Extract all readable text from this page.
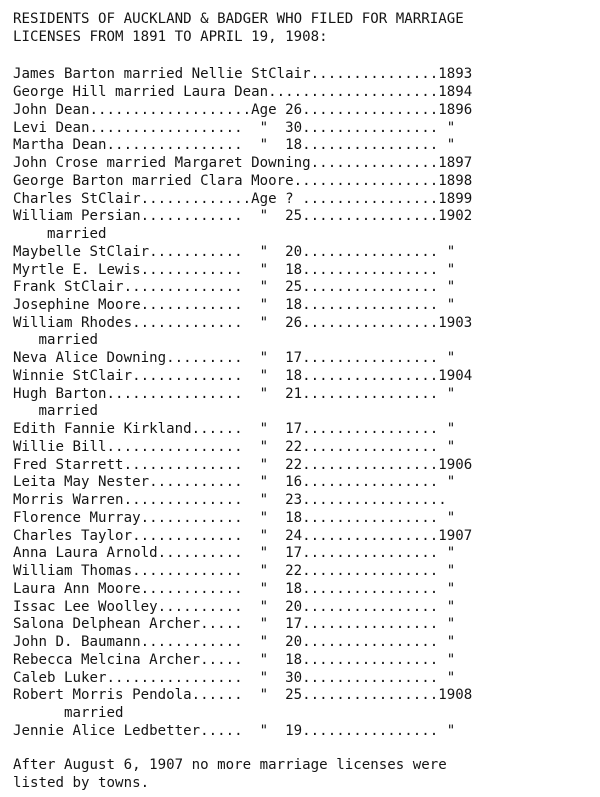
RESIDENTS OF AUCKLAND & BADGER WHO FILED FOR MARRIAGE
LICENSES FROM 1891 TO APRIL 19, 1908:
James Barton married Nellie StClair...............1893
George Hill married Laura Dean....................1894
John Dean...................Age 26................1896
Levi Dean..................  "  30................ "
Martha Dean................  "  18................ "
John Crose married Margaret Downing...............1897
George Barton married Clara Moore.................1898
Charles StClair.............Age ? ................1899
William Persian............  "  25................1902
married
Maybelle StClair...........  "  20................ "
Myrtle E. Lewis............  "  18................ "
Frank StClair..............  "  25................ "
Josephine Moore............  "  18................ "
William Rhodes.............  "  26................1903
married
Neva Alice Downing.........  "  17................ "
Winnie StClair.............  "  18................1904
Hugh Barton................  "  21................ "
married
Edith Fannie Kirkland......  "  17................ "
Willie Bill................  "  22................ "
Fred Starrett..............  "  22................1906
Leita May Nester...........  "  16................ "
Morris Warren..............  "  23.................
Florence Murray............  "  18................ "
Charles Taylor.............  "  24................1907
Anna Laura Arnold..........  "  17................ "
William Thomas.............  "  22................ "
Laura Ann Moore............  "  18................ "
Issac Lee Woolley..........  "  20................ "
Salona Delphean Archer.....  "  17................ "
John D. Baumann............  "  20................ "
Rebecca Melcina Archer.....  "  18................ "
Caleb Luker................  "  30................ "
Robert Morris Pendola......  "  25................1908
married
Jennie Alice Ledbetter.....  "  19................ "
After August 6, 1907 no more marriage licenses were
listed by towns.
